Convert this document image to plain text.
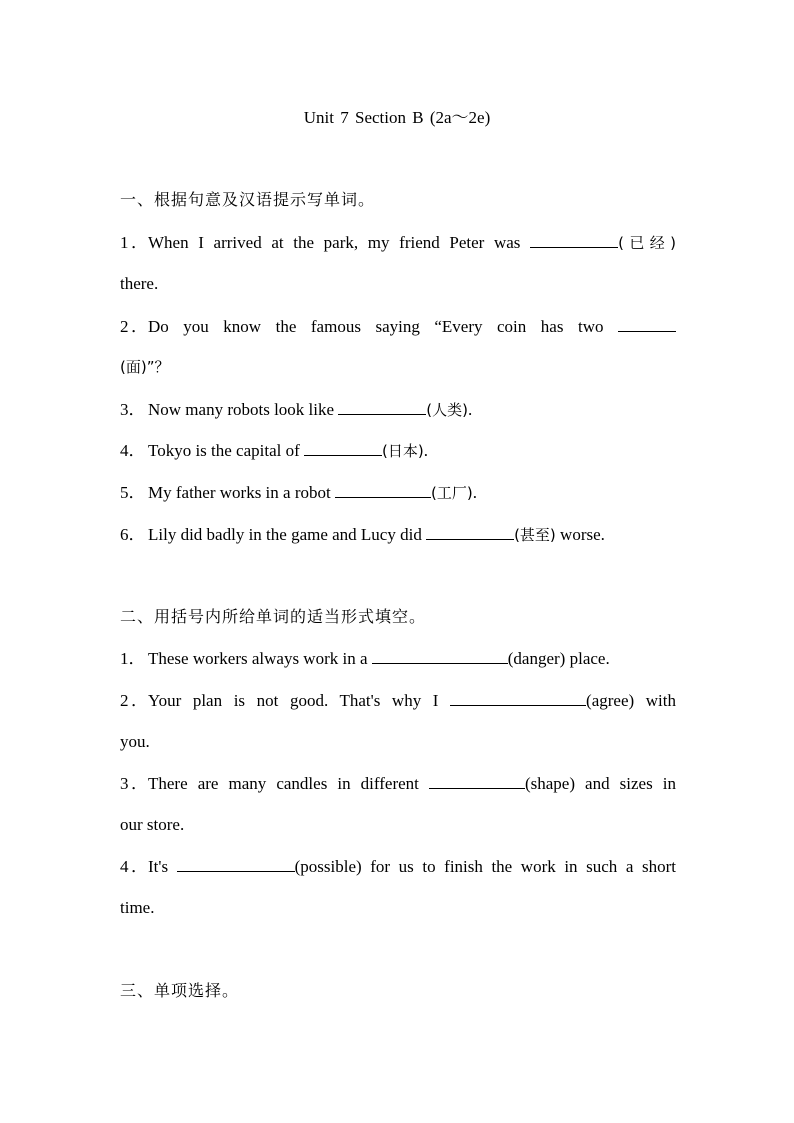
Unit 7 Section B (2a～2e)
一、根据句意及汉语提示写单词。
1．When I arrived at the park, my friend Peter was	(已经)
there.
2．Do you know the famous saying “Every coin has two
(面)”？
3． Now many robots look like	(人类).
4． Tokyo is the capital of	(日本).
5． My father works in a robot	(工厂).
6． Lily did badly in the game and Lucy did	(甚至) worse.
二、用括号内所给单词的适当形式填空。
1． These workers always work in a	(danger) place.
2．Your plan is not good. That's why I	(agree) with
you.
3．There are many candles in different	(shape) and sizes in
our store.
4．It's	(possible) for us to finish the work in such a short
time.
三、单项选择。
